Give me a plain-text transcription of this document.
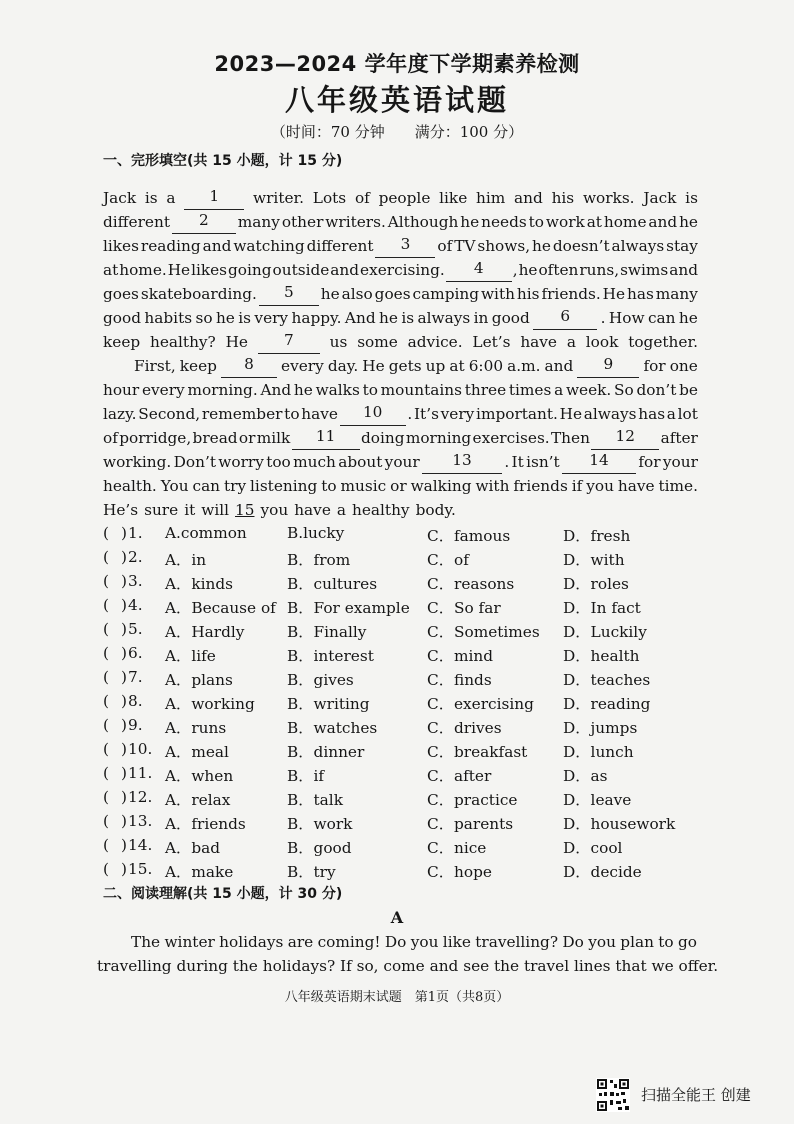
2023—2024 学年度下学期素养检测
八年级英语试题
（时间：70 分钟　　满分：100 分）
一、完形填空(共 15 小题，计 15 分)
Jack is a	1	writer. Lots of people like him and his works. Jack is
different	2	many other writers. Although he needs to work at home and he
likes reading and watching different	3	of TV shows, he doesn’t always stay
at home. He likes going outside and exercising.	4	, he often runs, swims and
goes skateboarding.	5	he also goes camping with his friends. He has many
good habits so he is very happy. And he is always in good	6	. How can he
keep healthy? He	7	us some advice. Let’s have a look together.
First, keep	8	every day. He gets up at 6:00 a.m. and	9	for one
hour every morning. And he walks to mountains three times a week. So don’t be
lazy. Second, remember to have	10	. It’s very important. He always has a lot
of porridge, bread or milk	11	doing morning exercises. Then	12	after
working. Don’t worry too much about your	13	. It isn’t	14	for your
health. You can try listening to music or walking with friends if you have time.
He’s sure it will 15 you have a healthy body.
( ) 1. A.common	B.lucky	C．famous	D．fresh
( ) 2. A．in	B．from	C．of	D．with
( ) 3. A．kinds	B．cultures	C．reasons	D．roles
( ) 4. A．Because of B．For example C．So far	D．In fact
( ) 5. A．Hardly	B．Finally	C．Sometimes D．Luckily
( ) 6. A．life	B．interest	C．mind	D．health
( ) 7. A．plans	B．gives	C．finds	D．teaches
( ) 8. A．working B．writing	C．exercising D．reading
( ) 9. A．runs	B．watches	C．drives	D．jumps
( ) 10. A．meal	B．dinner	C．breakfast D．lunch
( ) 11. A．when	B．if	C．after	D．as
( ) 12. A．relax	B．talk	C．practice	D．leave
( ) 13. A．friends	B．work	C．parents	D．housework
( ) 14. A．bad	B．good	C．nice	D．cool
( ) 15. A．make	B．try	C．hope	D．decide
二、阅读理解(共 15 小题，计 30 分)
A
The winter holidays are coming! Do you like travelling? Do you plan to go
travelling during the holidays? If so, come and see the travel lines that we offer.
八年级英语期末试题　第1页（共8页）
扫描全能王 创建
